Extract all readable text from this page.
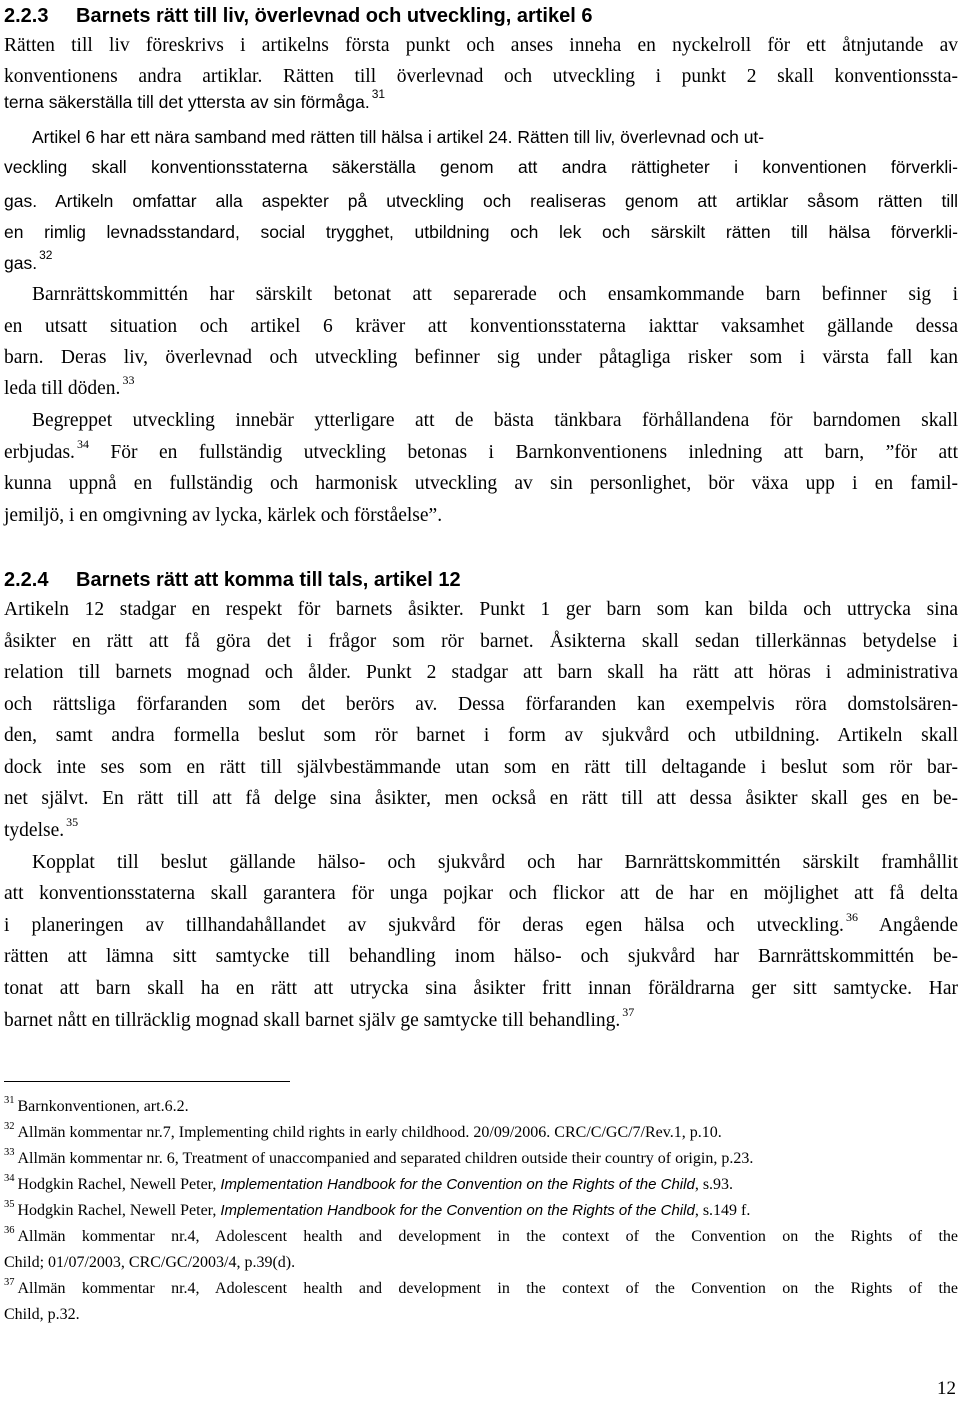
2.2.3 Barnets rätt till liv, överlevnad och utveckling, artikel 6
Rätten till liv föreskrivs i artikelns första punkt och anses inneha en nyckelroll för ett åtnjutande av
konventionens andra artiklar. Rätten till överlevnad och utveckling i punkt 2 skall konventionssta-
terna säkerställa till det yttersta av sin förmåga. $^{31}$
Artikel 6 har ett nära samband med rätten till hälsa i artikel 24. Rätten till liv, överlevnad och ut-
veckling skall konventionsstaterna säkerställa genom att andra rättigheter i konventionen förverkli-
gas. Artikeln omfattar alla aspekter på utveckling och realiseras genom att artiklar såsom rätten till
en rimlig levnadsstandard, social trygghet, utbildning och lek och särskilt rätten till hälsa förverkli-
gas. $^{32}$
Barnrättskommittén har särskilt betonat att separerade och ensamkommande barn befinner sig i
en utsatt situation och artikel 6 kräver att konventionsstaterna iakttar vaksamhet gällande dessa
barn. Deras liv, överlevnad och utveckling befinner sig under påtagliga risker som i värsta fall kan
leda till döden. $^{33}$
Begreppet utveckling innebär ytterligare att de bästa tänkbara förhållandena för barndomen skall
erbjudas. $^{34}$ För en fullständig utveckling betonas i Barnkonventionens inledning att barn, ”för att
kunna uppnå en fullständig och harmonisk utveckling av sin personlighet, bör växa upp i en famil-
jemiljö, i en omgivning av lycka, kärlek och förståelse”.
2.2.4 Barnets rätt att komma till tals, artikel 12
Artikeln 12 stadgar en respekt för barnets åsikter. Punkt 1 ger barn som kan bilda och uttrycka sina
åsikter en rätt att få göra det i frågor som rör barnet. Åsikterna skall sedan tillerkännas betydelse i
relation till barnets mognad och ålder. Punkt 2 stadgar att barn skall ha rätt att höras i administrativa
och rättsliga förfaranden som det berörs av. Dessa förfaranden kan exempelvis röra domstolsären-
den, samt andra formella beslut som rör barnet i form av sjukvård och utbildning. Artikeln skall
dock inte ses som en rätt till självbestämmande utan som en rätt till deltagande i beslut som rör bar-
net självt. En rätt till att få delge sina åsikter, men också en rätt till att dessa åsikter skall ges en be-
tydelse. $^{35}$
Kopplat till beslut gällande hälso- och sjukvård och har Barnrättskommittén särskilt framhållit
att konventionsstaterna skall garantera för unga pojkar och flickor att de har en möjlighet att få delta
i planeringen av tillhandahållandet av sjukvård för deras egen hälsa och utveckling. $^{36}$ Angående
rätten att lämna sitt samtycke till behandling inom hälso- och sjukvård har Barnrättskommittén be-
tonat att barn skall ha en rätt att utrycka sina åsikter fritt innan föräldrarna ger sitt samtycke. Har
barnet nått en tillräcklig mognad skall barnet själv ge samtycke till behandling. $^{37}$
$^{31}$ Barnkonventionen, art.6.2.
$^{32}$ Allmän kommentar nr.7, Implementing child rights in early childhood. 20/09/2006. CRC/C/GC/7/Rev.1, p.10.
$^{33}$ Allmän kommentar nr. 6, Treatment of unaccompanied and separated children outside their country of origin, p.23.
$^{34}$ Hodgkin Rachel, Newell Peter, Implementation Handbook for the Convention on the Rights of the Child, s.93.
$^{35}$ Hodgkin Rachel, Newell Peter, Implementation Handbook for the Convention on the Rights of the Child, s.149 f.
$^{36}$ Allmän kommentar nr.4, Adolescent health and development in the context of the Convention on the Rights of the
Child; 01/07/2003, CRC/GC/2003/4, p.39(d).
$^{37}$ Allmän kommentar nr.4, Adolescent health and development in the context of the Convention on the Rights of the
Child, p.32.
12
